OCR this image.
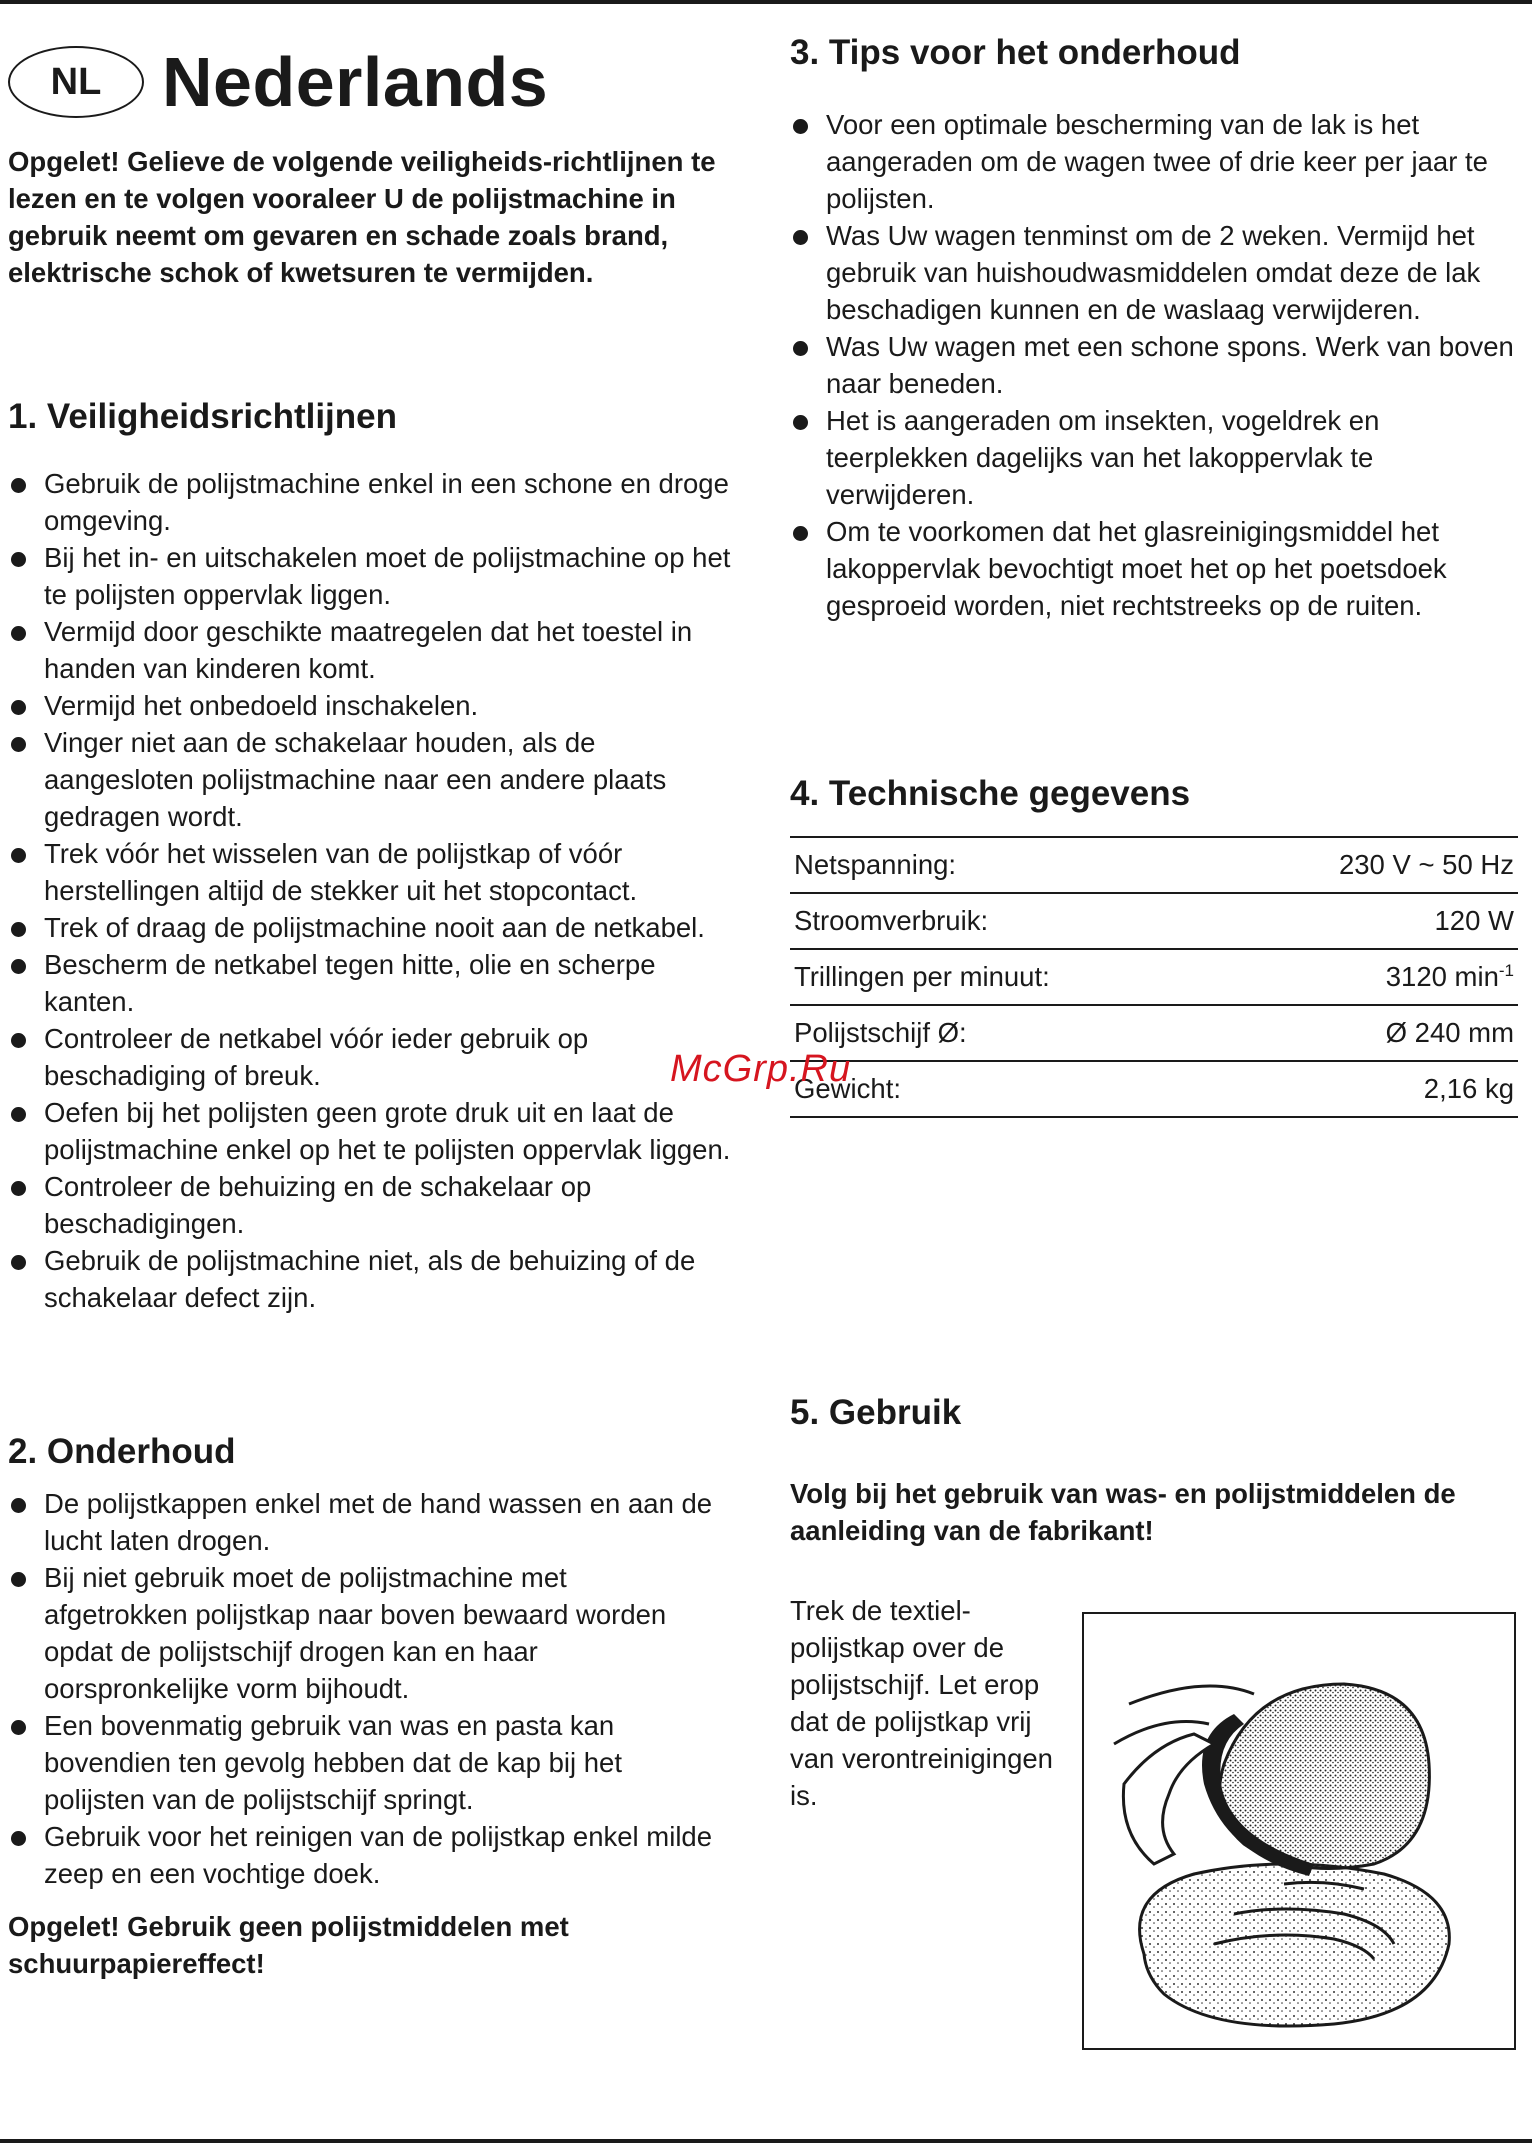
NL Nederlands

Opgelet! Gelieve de volgende veiligheids-richtlijnen te lezen en te volgen vooraleer U de polijstmachine in gebruik neemt om gevaren en schade zoals brand, elektrische schok of kwetsuren te vermijden.

1. Veiligheidsrichtlijnen
Gebruik de polijstmachine enkel in een schone en droge omgeving.
Bij het in- en uitschakelen moet de polijstmachine op het te polijsten oppervlak liggen.
Vermijd door geschikte maatregelen dat het toestel in handen van kinderen komt.
Vermijd het onbedoeld inschakelen.
Vinger niet aan de schakelaar houden, als de aangesloten polijstmachine naar een andere plaats gedragen wordt.
Trek vóór het wisselen van de polijstkap of vóór herstellingen altijd de stekker uit het stopcontact.
Trek of draag de polijstmachine nooit aan de netkabel.
Bescherm de netkabel tegen hitte, olie en scherpe kanten.
Controleer de netkabel vóór ieder gebruik op beschadiging of breuk.
Oefen bij het polijsten geen grote druk uit en laat de polijstmachine enkel op het te polijsten oppervlak liggen.
Controleer de behuizing en de schakelaar op beschadigingen.
Gebruik de polijstmachine niet, als de behuizing of de schakelaar defect zijn.
2. Onderhoud
De polijstkappen enkel met de hand wassen en aan de lucht laten drogen.
Bij niet gebruik moet de polijstmachine met afgetrokken polijstkap naar boven bewaard worden opdat de polijstschijf drogen kan en haar oorspronkelijke vorm bijhoudt.
Een bovenmatig gebruik van was en pasta kan bovendien ten gevolg hebben dat de kap bij het polijsten van de polijstschijf springt.
Gebruik voor het reinigen van de polijstkap enkel milde zeep en een vochtige doek.

Opgelet! Gebruik geen polijstmiddelen met schuurpapiereffect!

3. Tips voor het onderhoud
Voor een optimale bescherming van de lak is het aangeraden om de wagen twee of drie keer per jaar te polijsten.
Was Uw wagen tenminst om de 2 weken. Vermijd het gebruik van huishoudwasmiddelen omdat deze de lak beschadigen kunnen en de waslaag verwijderen.
Was Uw wagen met een schone spons. Werk van boven naar beneden.
Het is aangeraden om insekten, vogeldrek en teerplekken dagelijks van het lakoppervlak te verwijderen.
Om te voorkomen dat het glasreinigingsmiddel het lakoppervlak bevochtigt moet het op het poetsdoek gesproeid worden, niet rechtstreeks op de ruiten.
4. Technische gegevens
Netspanning:	230 V ~ 50 Hz
Stroomverbruik:	120 W
Trillingen per minuut:	3120 $\min^{-1}$
Polijstschijf Ø:	Ø 240 mm
Gewicht:	2,16 kg
5. Gebruik

Volg bij het gebruik van was- en polijstmiddelen de aanleiding van de fabrikant!

Trek de textiel-polijstkap over de polijstschijf. Let erop dat de polijstkap vrij van verontreinigingen is.

McGrp.Ru
